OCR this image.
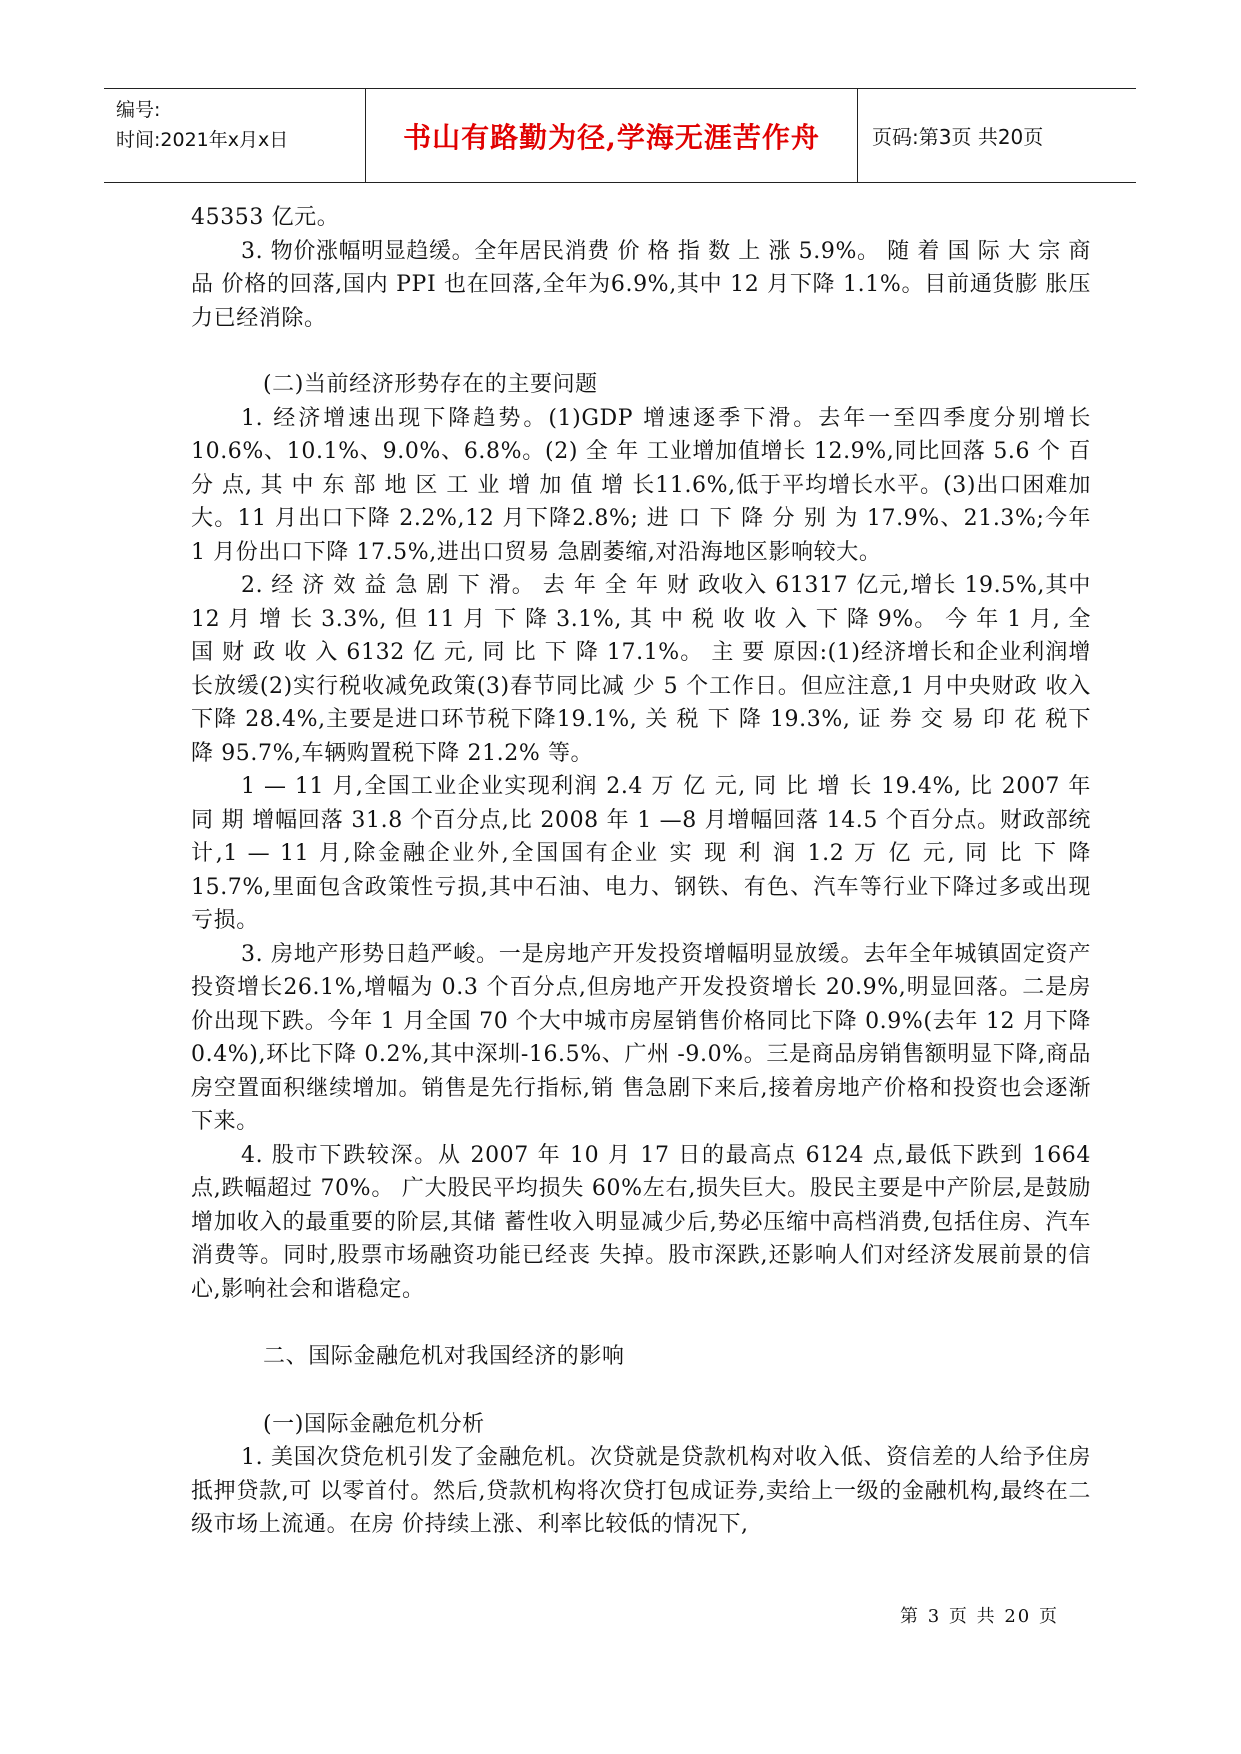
编号:
时间:2021年x月x日	书山有路勤为径,学海无涯苦作舟	页码:第3页 共20页

45353 亿元。

3. 物价涨幅明显趋缓。全年居民消费 价 格 指 数 上 涨 5.9%。 随 着 国 际 大 宗 商 品 价格的回落,国内 PPI 也在回落,全年为6.9%,其中 12 月下降 1.1%。目前通货膨 胀压力已经消除。

(二)当前经济形势存在的主要问题

1. 经济增速出现下降趋势。(1)GDP 增速逐季下滑。去年一至四季度分别增长10.6%、10.1%、9.0%、6.8%。(2) 全 年 工业增加值增长 12.9%,同比回落 5.6 个 百 分 点, 其 中 东 部 地 区 工 业 增 加 值 增 长11.6%,低于平均增长水平。(3)出口困难加大。11 月出口下降 2.2%,12 月下降2.8%; 进 口 下 降 分 别 为 17.9%、21.3%;今年 1 月份出口下降 17.5%,进出口贸易 急剧萎缩,对沿海地区影响较大。

2. 经 济 效 益 急 剧 下 滑。 去 年 全 年 财 政收入 61317 亿元,增长 19.5%,其中 12 月 增 长 3.3%, 但 11 月 下 降 3.1%, 其 中 税 收 收 入 下 降 9%。 今 年 1 月, 全 国 财 政 收 入 6132 亿 元, 同 比 下 降 17.1%。 主 要 原因:(1)经济增长和企业利润增长放缓(2)实行税收减免政策(3)春节同比减 少 5 个工作日。但应注意,1 月中央财政 收入下降 28.4%,主要是进口环节税下降19.1%, 关 税 下 降 19.3%, 证 券 交 易 印 花 税下降 95.7%,车辆购置税下降 21.2% 等。

1 — 11 月,全国工业企业实现利润 2.4 万 亿 元, 同 比 增 长 19.4%, 比 2007 年 同 期 增幅回落 31.8 个百分点,比 2008 年 1 —8 月增幅回落 14.5 个百分点。财政部统计,1 — 11 月,除金融企业外,全国国有企业 实 现 利 润 1.2 万 亿 元, 同 比 下 降 15.7%,里面包含政策性亏损,其中石油、电力、钢铁、有色、汽车等行业下降过多或出现亏损。

3. 房地产形势日趋严峻。一是房地产开发投资增幅明显放缓。去年全年城镇固定资产投资增长26.1%,增幅为 0.3 个百分点,但房地产开发投资增长 20.9%,明显回落。二是房价出现下跌。今年 1 月全国 70 个大中城市房屋销售价格同比下降 0.9%(去年 12 月下降 0.4%),环比下降 0.2%,其中深圳-16.5%、广州 -9.0%。三是商品房销售额明显下降,商品房空置面积继续增加。销售是先行指标,销 售急剧下来后,接着房地产价格和投资也会逐渐下来。

4. 股市下跌较深。从 2007 年 10 月 17 日的最高点 6124 点,最低下跌到 1664 点,跌幅超过 70%。 广大股民平均损失 60%左右,损失巨大。股民主要是中产阶层,是鼓励增加收入的最重要的阶层,其储 蓄性收入明显减少后,势必压缩中高档消费,包括住房、汽车消费等。同时,股票市场融资功能已经丧 失掉。股市深跌,还影响人们对经济发展前景的信心,影响社会和谐稳定。

二、国际金融危机对我国经济的影响

(一)国际金融危机分析

1. 美国次贷危机引发了金融危机。次贷就是贷款机构对收入低、资信差的人给予住房抵押贷款,可 以零首付。然后,贷款机构将次贷打包成证券,卖给上一级的金融机构,最终在二级市场上流通。在房 价持续上涨、利率比较低的情况下,

第 3 页 共 20 页
